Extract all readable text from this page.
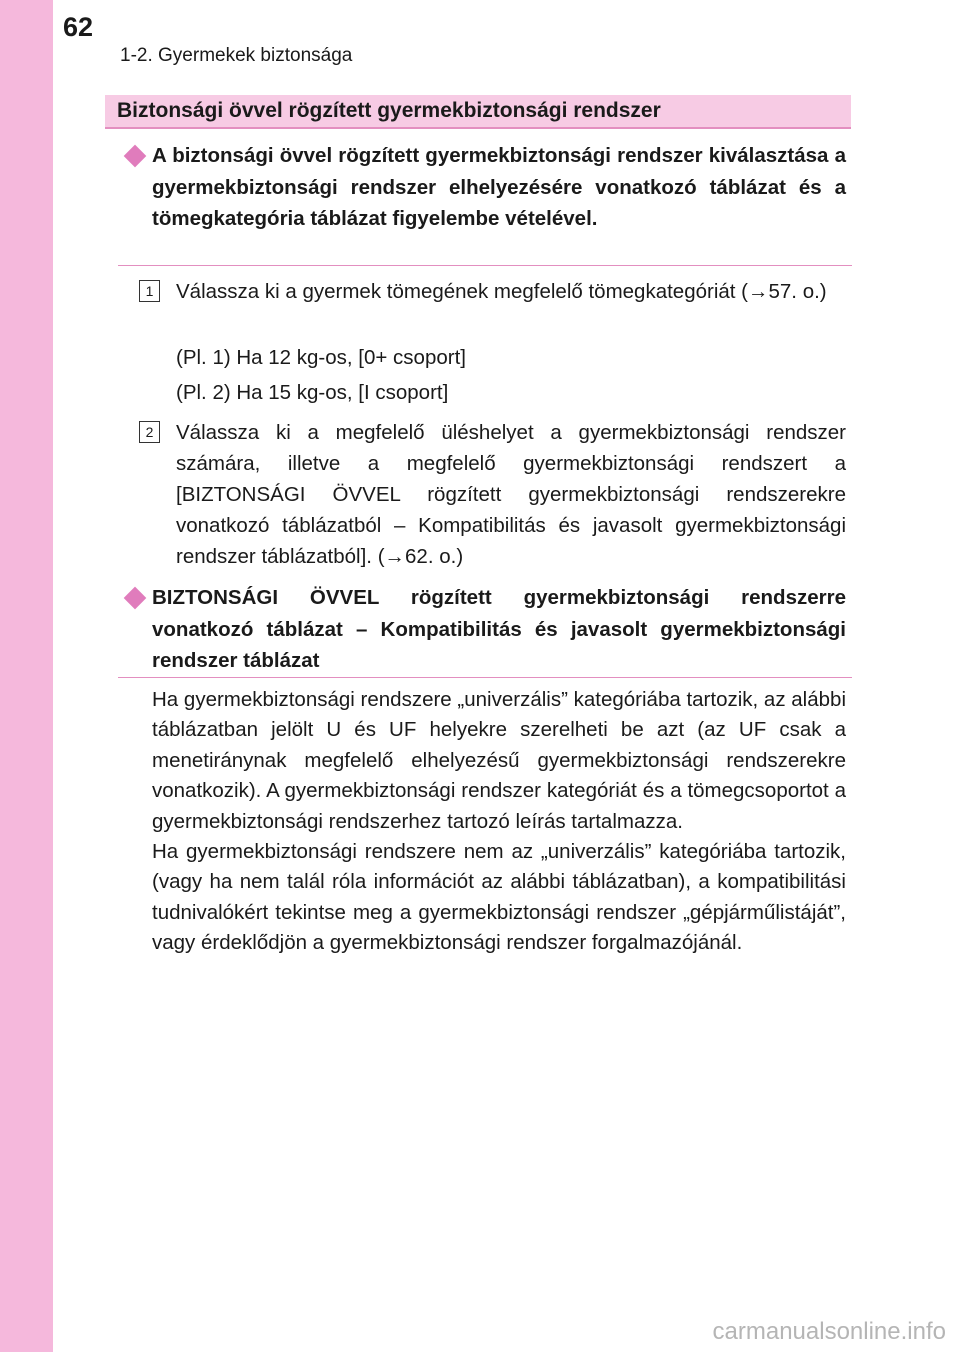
62
1-2. Gyermekek biztonsága
Biztonsági övvel rögzített gyermekbiztonsági rendszer

A biztonsági övvel rögzített gyermekbiztonsági rendszer kiválasztása a gyermekbiztonsági rendszer elhelyezésére vonatkozó táblázat és a tömegkategória táblázat figyelembe vételével.

1	Válassza ki a gyermek tömegének megfelelő tömegkategóriát (→57. o.)

(Pl. 1) Ha 12 kg-os, [0+ csoport]

(Pl. 2) Ha 15 kg-os, [I csoport]

2	Válassza ki a megfelelő üléshelyet a gyermekbiztonsági rendszer számára, illetve a megfelelő gyermekbiztonsági rendszert a [BIZTONSÁGI ÖVVEL rögzített gyermekbiztonsági rendszerekre vonatkozó táblázatból – Kompatibilitás és javasolt gyermekbiztonsági rendszer táblázatból]. (→62. o.)

BIZTONSÁGI ÖVVEL rögzített gyermekbiztonsági rendszerre vonatkozó táblázat – Kompatibilitás és javasolt gyermekbiztonsági rendszer táblázat

Ha gyermekbiztonsági rendszere „univerzális” kategóriába tartozik, az alábbi táblázatban jelölt U és UF helyekre szerelheti be azt (az UF csak a menetiránynak megfelelő elhelyezésű gyermekbiztonsági rendszerekre vonatkozik). A gyermekbiztonsági rendszer kategóriát és a tömegcsoportot a gyermekbiztonsági rendszerhez tartozó leírás tartalmazza.

Ha gyermekbiztonsági rendszere nem az „univerzális” kategóriába tartozik, (vagy ha nem talál róla információt az alábbi táblázatban), a kompatibilitási tudnivalókért tekintse meg a gyermekbiztonsági rendszer „gépjárműlistáját”, vagy érdeklődjön a gyermekbiztonsági rendszer forgalmazójánál.

carmanualsonline.info
